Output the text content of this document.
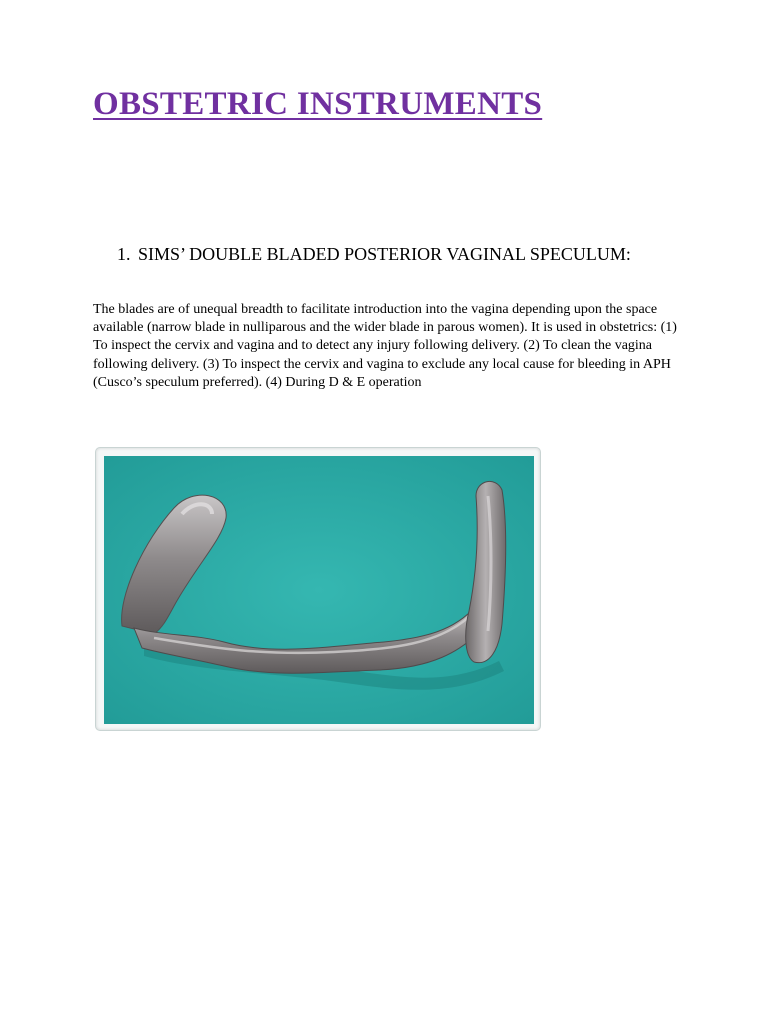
OBSTETRIC INSTRUMENTS
1. SIMS’ DOUBLE BLADED POSTERIOR VAGINAL SPECULUM:

The blades are of unequal breadth to facilitate introduction into the vagina depending upon the space available (narrow blade in nulliparous and the wider blade in parous women). It is used in obstetrics: (1) To inspect the cervix and vagina and to detect any injury following delivery. (2) To clean the vagina following delivery. (3) To inspect the cervix and vagina to exclude any local cause for bleeding in APH (Cusco’s speculum preferred). (4) During D & E operation
